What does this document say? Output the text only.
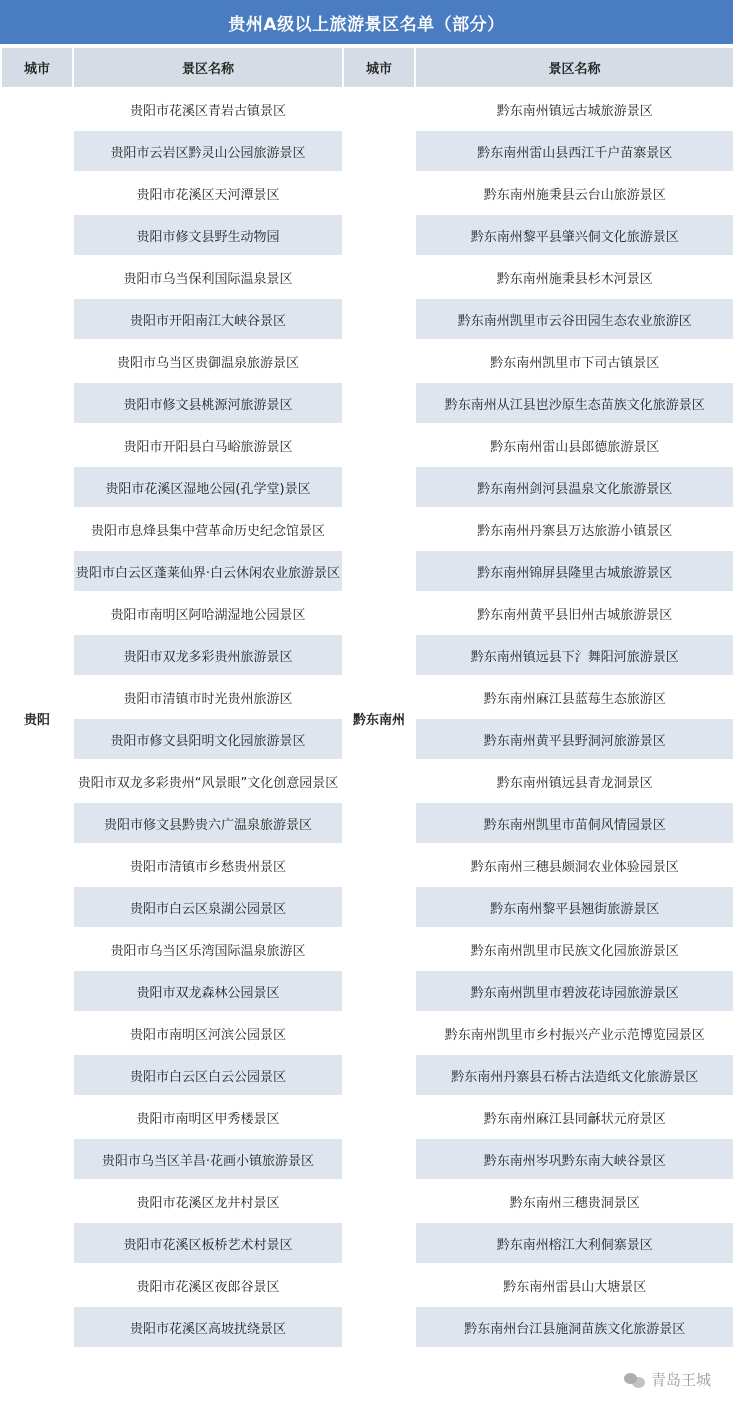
贵州A级以上旅游景区名单（部分）
城市	景区名称	城市	景区名称
贵阳	贵阳市花溪区青岩古镇景区	黔东南州	黔东南州镇远古城旅游景区
	贵阳市云岩区黔灵山公园旅游景区		黔东南州雷山县西江千户苗寨景区
	贵阳市花溪区天河潭景区		黔东南州施秉县云台山旅游景区
	贵阳市修文县野生动物园		黔东南州黎平县肇兴侗文化旅游景区
	贵阳市乌当保利国际温泉景区		黔东南州施秉县杉木河景区
	贵阳市开阳南江大峡谷景区		黔东南州凯里市云谷田园生态农业旅游区
	贵阳市乌当区贵御温泉旅游景区		黔东南州凯里市下司古镇景区
	贵阳市修文县桃源河旅游景区		黔东南州从江县岜沙原生态苗族文化旅游景区
	贵阳市开阳县白马峪旅游景区		黔东南州雷山县郎德旅游景区
	贵阳市花溪区湿地公园(孔学堂)景区		黔东南州剑河县温泉文化旅游景区
	贵阳市息烽县集中营革命历史纪念馆景区		黔东南州丹寨县万达旅游小镇景区
	贵阳市白云区蓬莱仙界·白云休闲农业旅游景区		黔东南州锦屏县隆里古城旅游景区
	贵阳市南明区阿哈湖湿地公园景区		黔东南州黄平县旧州古城旅游景区
	贵阳市双龙多彩贵州旅游景区		黔东南州镇远县下氵舞阳河旅游景区
	贵阳市清镇市时光贵州旅游区		黔东南州麻江县蓝莓生态旅游区
	贵阳市修文县阳明文化园旅游景区		黔东南州黄平县野洞河旅游景区
	贵阳市双龙多彩贵州“风景眼”文化创意园景区		黔东南州镇远县青龙洞景区
	贵阳市修文县黔贵六广温泉旅游景区		黔东南州凯里市苗侗风情园景区
	贵阳市清镇市乡愁贵州景区		黔东南州三穗县颇洞农业体验园景区
	贵阳市白云区泉湖公园景区		黔东南州黎平县翘街旅游景区
	贵阳市乌当区乐湾国际温泉旅游区		黔东南州凯里市民族文化园旅游景区
	贵阳市双龙森林公园景区		黔东南州凯里市碧波花诗园旅游景区
	贵阳市南明区河滨公园景区		黔东南州凯里市乡村振兴产业示范博览园景区
	贵阳市白云区白云公园景区		黔东南州丹寨县石桥古法造纸文化旅游景区
	贵阳市南明区甲秀楼景区		黔东南州麻江县同龢状元府景区
	贵阳市乌当区羊昌·花画小镇旅游景区		黔东南州岑巩黔东南大峡谷景区
	贵阳市花溪区龙井村景区		黔东南州三穗贵洞景区
	贵阳市花溪区板桥艺术村景区		黔东南州榕江大利侗寨景区
	贵阳市花溪区夜郎谷景区		黔东南州雷县山大塘景区
	贵阳市花溪区高坡扰绕景区		黔东南州台江县施洞苗族文化旅游景区
青岛王城
